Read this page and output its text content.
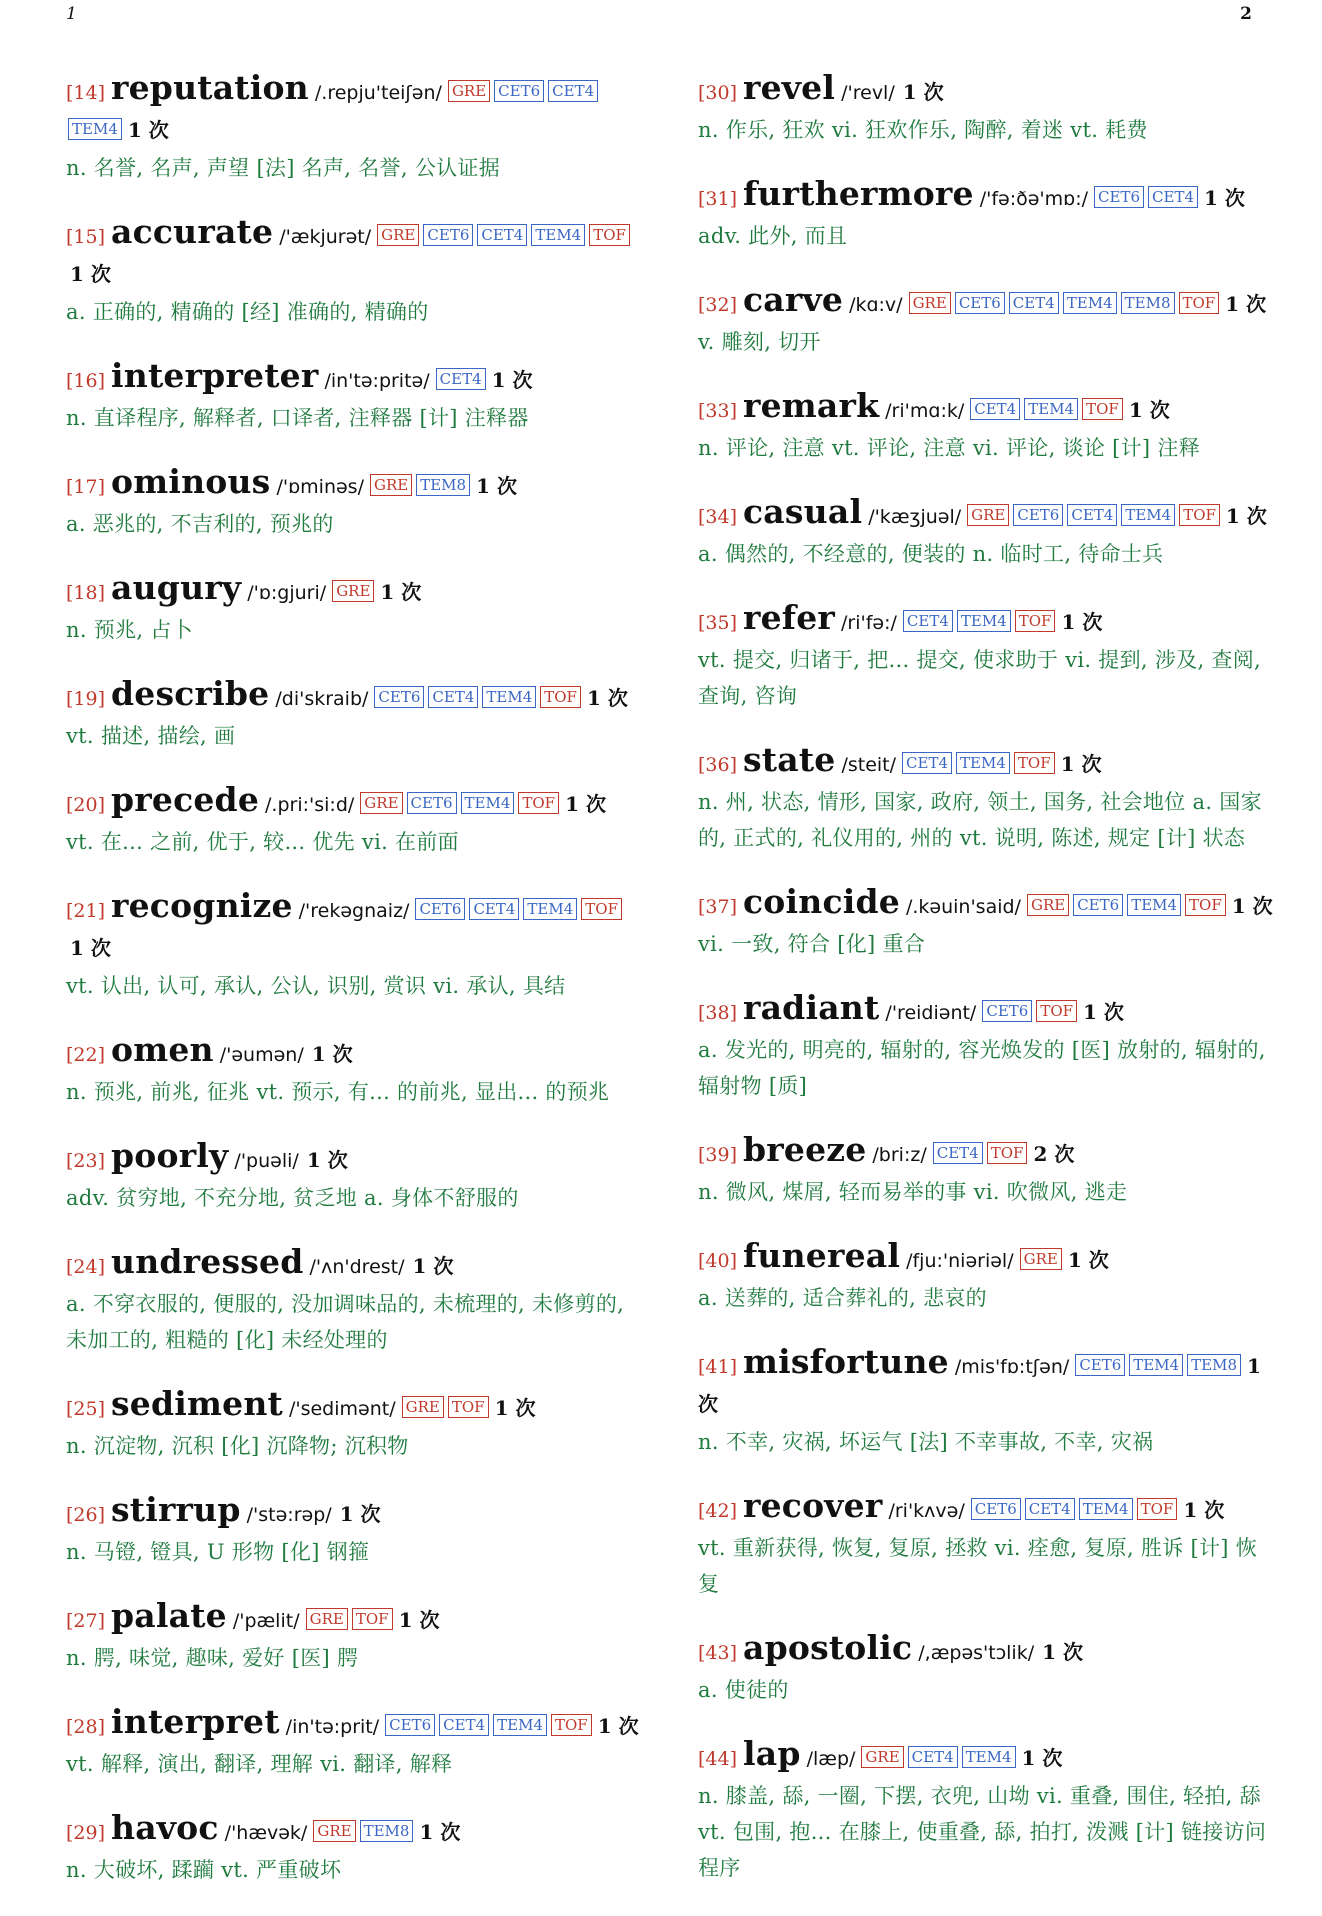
1	2
[14] reputation /.repju'teiʃən/ GRE CET6 CET4TEM4 1 次
n. 名誉, 名声, 声望 [法] 名声, 名誉, 公认证据
[15] accurate /'ækjurət/ GRE CET6 CET4 TEM4 TOF1 次
a. 正确的, 精确的 [经] 准确的, 精确的
[16] interpreter /in'tə:pritə/ CET4 1 次
n. 直译程序, 解释者, 口译者, 注释器 [计] 注释器
[17] ominous /'ɒminəs/ GRE TEM8 1 次
a. 恶兆的, 不吉利的, 预兆的
[18] augury /'ɒ:gjuri/ GRE 1 次
n. 预兆, 占卜
[19] describe /di'skraib/ CET6 CET4 TEM4 TOF 1 次
vt. 描述, 描绘, 画
[20] precede /.pri:'si:d/ GRE CET6 TEM4 TOF 1 次
vt. 在... 之前, 优于, 较... 优先 vi. 在前面
[21] recognize /'rekəgnaiz/ CET6 CET4 TEM4 TOF1 次
vt. 认出, 认可, 承认, 公认, 识别, 赏识 vi. 承认, 具结
[22] omen /'əumən/ 1 次
n. 预兆, 前兆, 征兆 vt. 预示, 有... 的前兆, 显出... 的预兆
[23] poorly /'puəli/ 1 次
adv. 贫穷地, 不充分地, 贫乏地 a. 身体不舒服的
[24] undressed /'ʌn'drest/ 1 次
a. 不穿衣服的, 便服的, 没加调味品的, 未梳理的, 未修剪的, 未加工的, 粗糙的 [化] 未经处理的
[25] sediment /'sedimənt/ GRE TOF 1 次
n. 沉淀物, 沉积 [化] 沉降物; 沉积物
[26] stirrup /'stə:rəp/ 1 次
n. 马镫, 镫具, U 形物 [化] 钢箍
[27] palate /'pælit/ GRE TOF 1 次
n. 腭, 味觉, 趣味, 爱好 [医] 腭
[28] interpret /in'tə:prit/ CET6 CET4 TEM4 TOF 1 次
vt. 解释, 演出, 翻译, 理解 vi. 翻译, 解释
[29] havoc /'hævək/ GRE TEM8 1 次
n. 大破坏, 蹂躏 vt. 严重破坏
[30] revel /'revl/ 1 次
n. 作乐, 狂欢 vi. 狂欢作乐, 陶醉, 着迷 vt. 耗费
[31] furthermore /'fə:ðə'mɒ:/ CET6 CET4 1 次
adv. 此外, 而且
[32] carve /kɑ:v/ GRE CET6 CET4 TEM4 TEM8 TOF 1 次
v. 雕刻, 切开
[33] remark /ri'mɑ:k/ CET4 TEM4 TOF 1 次
n. 评论, 注意 vt. 评论, 注意 vi. 评论, 谈论 [计] 注释
[34] casual /'kæʒjuəl/ GRE CET6 CET4 TEM4 TOF 1 次
a. 偶然的, 不经意的, 便装的 n. 临时工, 待命士兵
[35] refer /ri'fə:/ CET4 TEM4 TOF 1 次
vt. 提交, 归诸于, 把... 提交, 使求助于 vi. 提到, 涉及, 查阅, 查询, 咨询
[36] state /steit/ CET4 TEM4 TOF 1 次
n. 州, 状态, 情形, 国家, 政府, 领土, 国务, 社会地位 a. 国家的, 正式的, 礼仪用的, 州的 vt. 说明, 陈述, 规定 [计] 状态
[37] coincide /.kəuin'said/ GRE CET6 TEM4 TOF 1 次
vi. 一致, 符合 [化] 重合
[38] radiant /'reidiənt/ CET6 TOF 1 次
a. 发光的, 明亮的, 辐射的, 容光焕发的 [医] 放射的, 辐射的, 辐射物 [质]
[39] breeze /bri:z/ CET4 TOF 2 次
n. 微风, 煤屑, 轻而易举的事 vi. 吹微风, 逃走
[40] funereal /fju:'niəriəl/ GRE 1 次
a. 送葬的, 适合葬礼的, 悲哀的
[41] misfortune /mis'fɒ:tʃən/ CET6 TEM4 TEM8 1 次
n. 不幸, 灾祸, 坏运气 [法] 不幸事故, 不幸, 灾祸
[42] recover /ri'kʌvə/ CET6 CET4 TEM4 TOF 1 次
vt. 重新获得, 恢复, 复原, 拯救 vi. 痊愈, 复原, 胜诉 [计] 恢复
[43] apostolic /,æpəs'tɔlik/ 1 次
a. 使徒的
[44] lap /læp/ GRE CET4 TEM4 1 次
n. 膝盖, 舔, 一圈, 下摆, 衣兜, 山坳 vi. 重叠, 围住, 轻拍, 舔 vt. 包围, 抱... 在膝上, 使重叠, 舔, 拍打, 泼溅 [计] 链接访问程序
